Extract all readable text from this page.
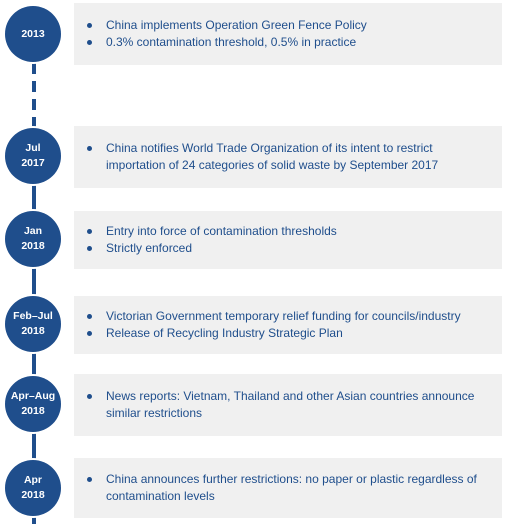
China implements Operation Green Fence Policy
0.3% contamination threshold, 0.5% in practice
2013
China notifies World Trade Organization of its intent to restrict importation of 24 categories of solid waste by September 2017
Jul
2017
Entry into force of contamination thresholds
Strictly enforced
Jan
2018
Victorian Government temporary relief funding for councils/industry
Release of Recycling Industry Strategic Plan
Feb–Jul
2018
News reports: Vietnam, Thailand and other Asian countries announce similar restrictions
Apr–Aug
2018
China announces further restrictions: no paper or plastic regardless of contamination levels
Apr
2018
